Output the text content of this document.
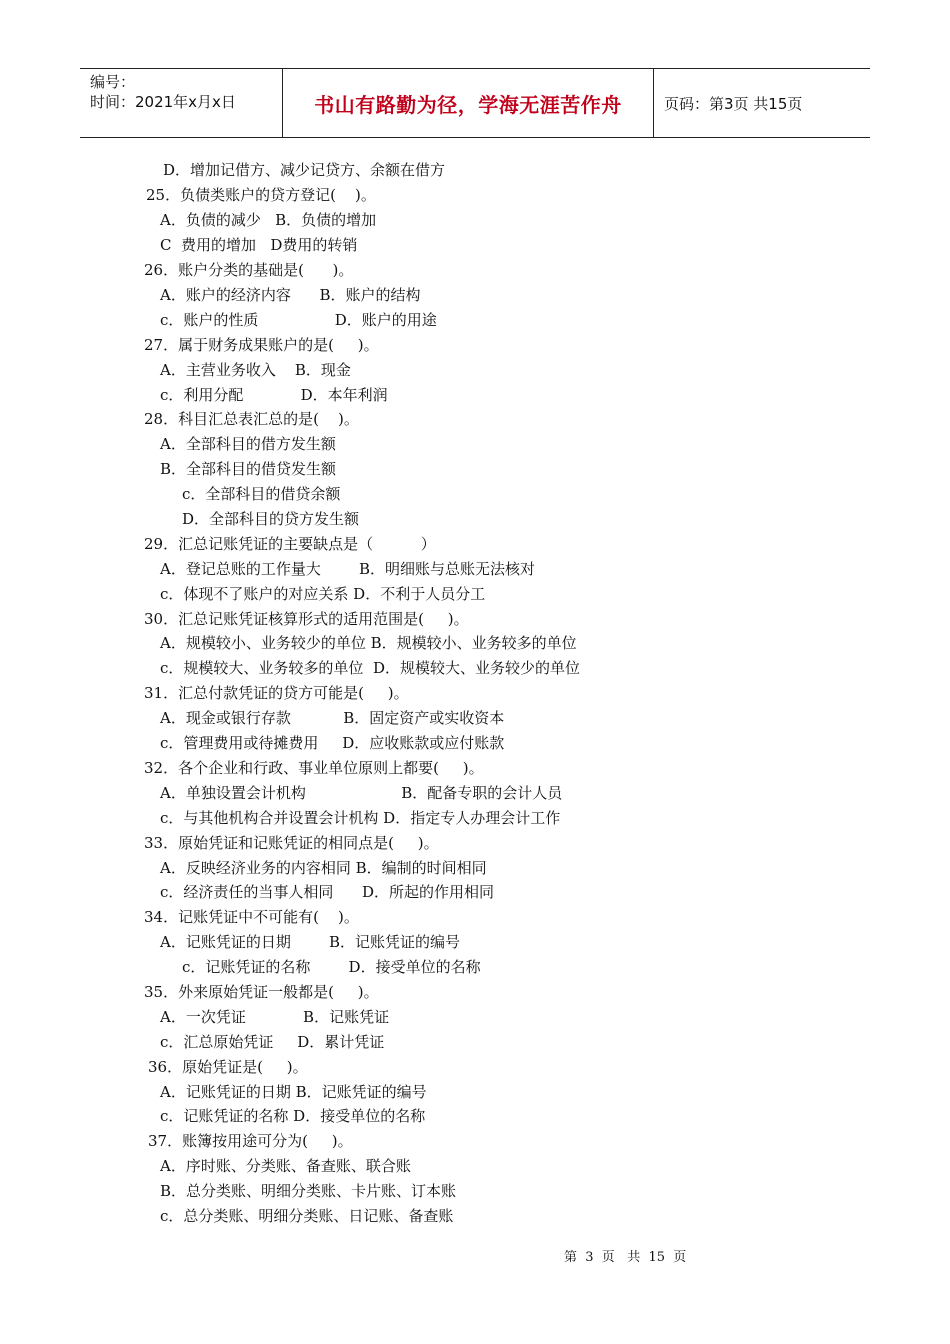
编号：
时间：2021年x月x日	书山有路勤为径，学海无涯苦作舟	页码：第3页 共15页
D．增加记借方、减少记贷方、余额在借方
25．负债类账户的贷方登记(    )。
A．负债的减少   B．负债的增加
C  费用的增加   D费用的转销
26．账户分类的基础是(      )。
A．账户的经济内容      B．账户的结构
c．账户的性质                D．账户的用途
27．属于财务成果账户的是(     )。
A．主营业务收入    B．现金
c．利用分配            D．本年利润
28．科目汇总表汇总的是(    )。
A．全部科目的借方发生额
B．全部科目的借贷发生额
c．全部科目的借贷余额
D．全部科目的贷方发生额
29．汇总记账凭证的主要缺点是（          ）
A．登记总账的工作量大        B．明细账与总账无法核对
c．体现不了账户的对应关系 D．不利于人员分工
30．汇总记账凭证核算形式的适用范围是(     )。
A．规模较小、业务较少的单位 B．规模较小、业务较多的单位
c．规模较大、业务较多的单位  D．规模较大、业务较少的单位
31．汇总付款凭证的贷方可能是(     )。
A．现金或银行存款           B．固定资产或实收资本
c．管理费用或待摊费用     D．应收账款或应付账款
32．各个企业和行政、事业单位原则上都要(     )。
A．单独设置会计机构                    B．配备专职的会计人员
c．与其他机构合并设置会计机构 D．指定专人办理会计工作
33．原始凭证和记账凭证的相同点是(     )。
A．反映经济业务的内容相同 B．编制的时间相同
c．经济责任的当事人相同      D．所起的作用相同
34．记账凭证中不可能有(    )。
A．记账凭证的日期        B．记账凭证的编号
c．记账凭证的名称        D．接受单位的名称
35．外来原始凭证一般都是(     )。
A．一次凭证            B．记账凭证
c．汇总原始凭证     D．累计凭证
36．原始凭证是(     )。
A．记账凭证的日期 B．记账凭证的编号
c．记账凭证的名称 D．接受单位的名称
37．账簿按用途可分为(     )。
A．序时账、分类账、备查账、联合账
B．总分类账、明细分类账、卡片账、订本账
c．总分类账、明细分类账、日记账、备查账
第  3  页   共  15  页
